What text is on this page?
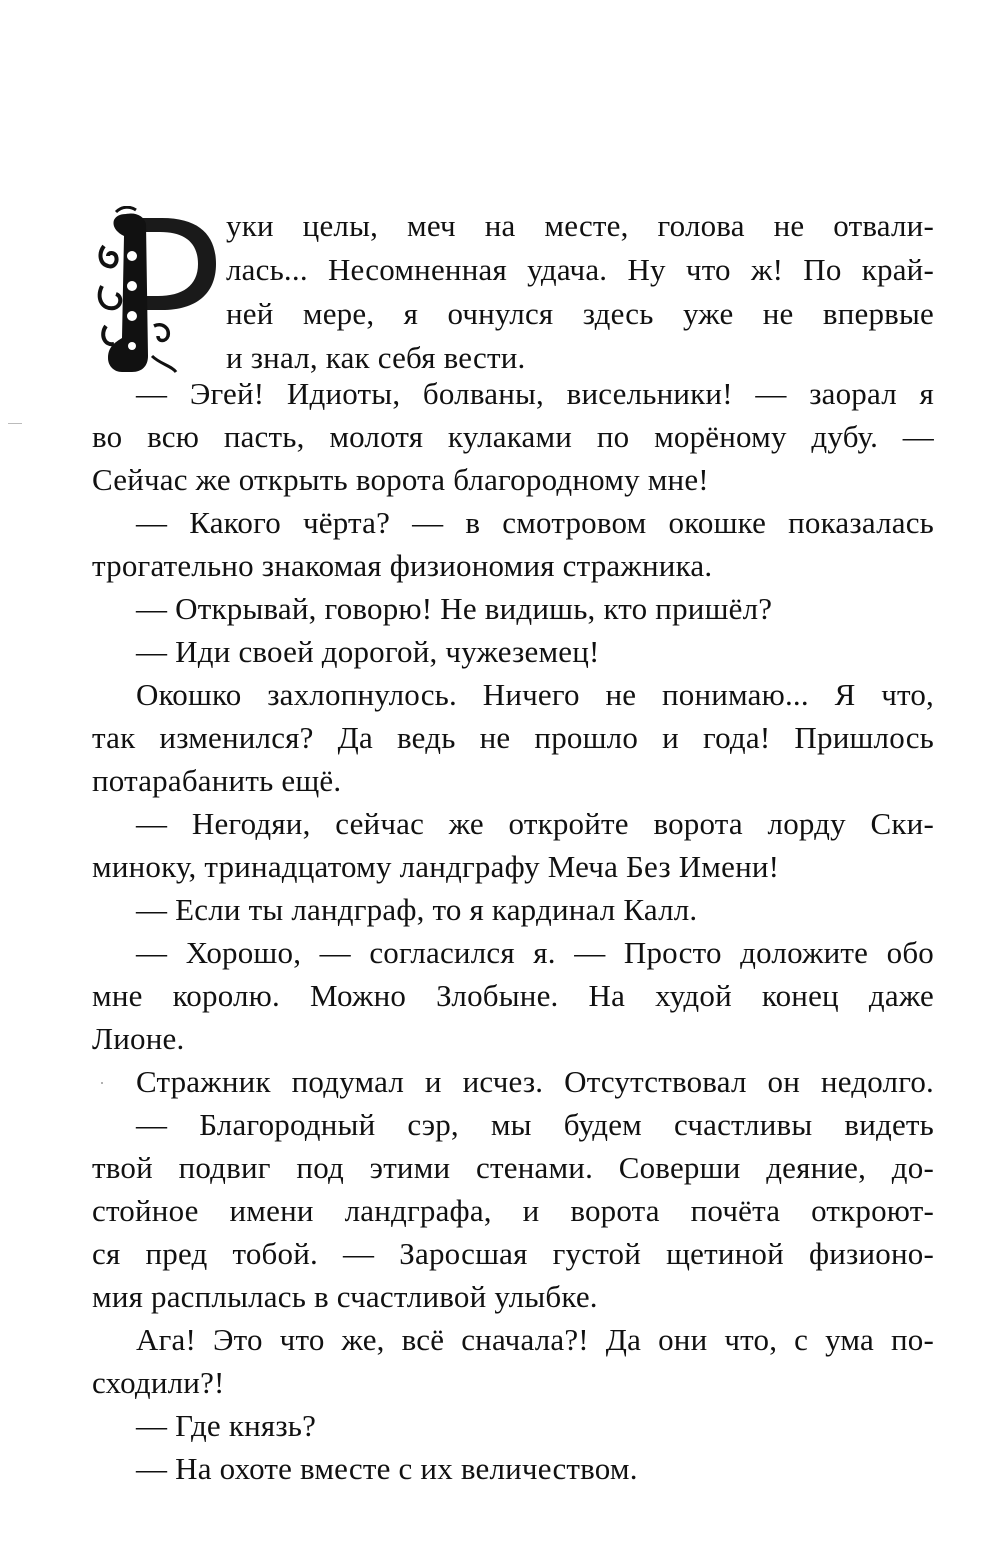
уки целы, меч на месте, голова не отвали-

лась... Несомненная удача. Ну что ж! По край-

ней мере, я очнулся здесь уже не впервые

и знал, как себя вести.

— Эгей! Идиоты, болваны, висельники! — заорал я

во всю пасть, молотя кулаками по морёному дубу. —

Сейчас же открыть ворота благородному мне!

— Какого чёрта? — в смотровом окошке показалась

трогательно знакомая физиономия стражника.

— Открывай, говорю! Не видишь, кто пришёл?

— Иди своей дорогой, чужеземец!

Окошко захлопнулось. Ничего не понимаю... Я что,

так изменился? Да ведь не прошло и года! Пришлось

потарабанить ещё.

— Негодяи, сейчас же откройте ворота лорду Ски-

миноку, тринадцатому ландграфу Меча Без Имени!

— Если ты ландграф, то я кардинал Калл.

— Хорошо, — согласился я. — Просто доложите обо

мне королю. Можно Злобыне. На худой конец даже

Лионе.

Стражник подумал и исчез. Отсутствовал он недолго.

— Благородный сэр, мы будем счастливы видеть

твой подвиг под этими стенами. Соверши деяние, до-

стойное имени ландграфа, и ворота почёта откроют-

ся пред тобой. — Заросшая густой щетиной физионо-

мия расплылась в счастливой улыбке.

Ага! Это что же, всё сначала?! Да они что, с ума по-

сходили?!

— Где князь?

— На охоте вместе с их величеством.
